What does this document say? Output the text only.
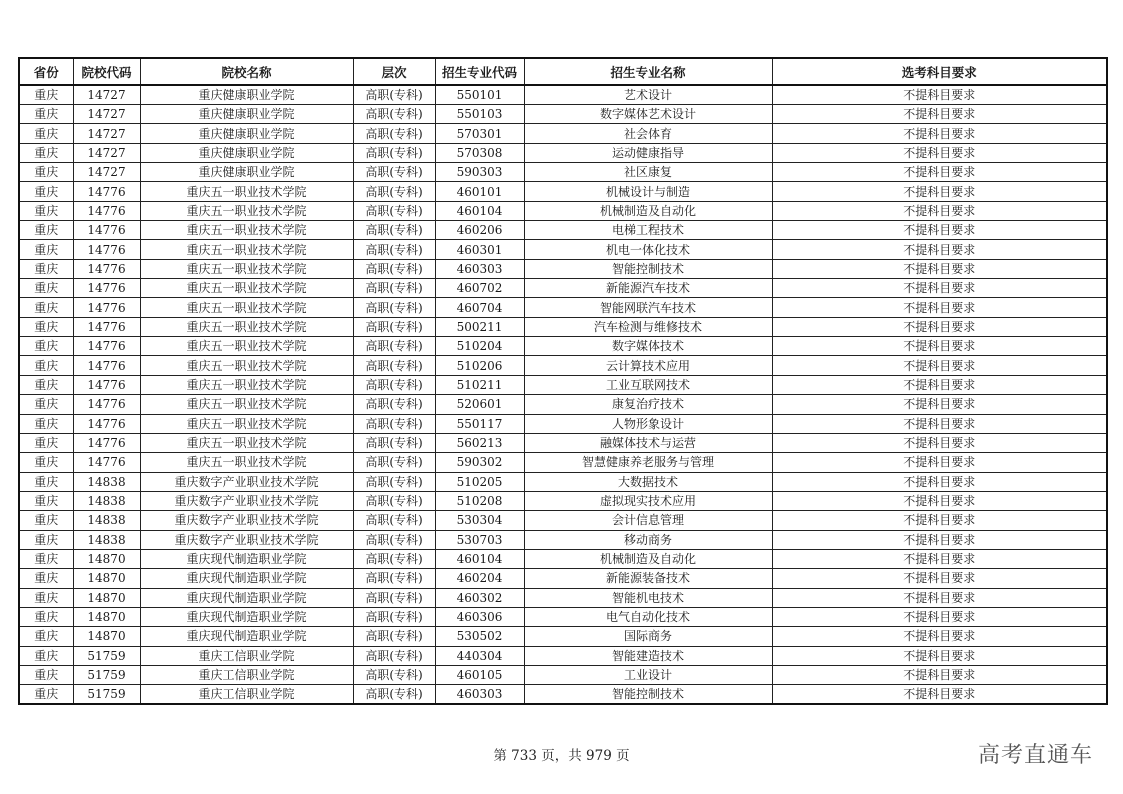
省份	院校代码	院校名称	层次	招生专业代码	招生专业名称	选考科目要求
重庆	14727	重庆健康职业学院	高职(专科)	550101	艺术设计	不提科目要求
重庆	14727	重庆健康职业学院	高职(专科)	550103	数字媒体艺术设计	不提科目要求
重庆	14727	重庆健康职业学院	高职(专科)	570301	社会体育	不提科目要求
重庆	14727	重庆健康职业学院	高职(专科)	570308	运动健康指导	不提科目要求
重庆	14727	重庆健康职业学院	高职(专科)	590303	社区康复	不提科目要求
重庆	14776	重庆五一职业技术学院	高职(专科)	460101	机械设计与制造	不提科目要求
重庆	14776	重庆五一职业技术学院	高职(专科)	460104	机械制造及自动化	不提科目要求
重庆	14776	重庆五一职业技术学院	高职(专科)	460206	电梯工程技术	不提科目要求
重庆	14776	重庆五一职业技术学院	高职(专科)	460301	机电一体化技术	不提科目要求
重庆	14776	重庆五一职业技术学院	高职(专科)	460303	智能控制技术	不提科目要求
重庆	14776	重庆五一职业技术学院	高职(专科)	460702	新能源汽车技术	不提科目要求
重庆	14776	重庆五一职业技术学院	高职(专科)	460704	智能网联汽车技术	不提科目要求
重庆	14776	重庆五一职业技术学院	高职(专科)	500211	汽车检测与维修技术	不提科目要求
重庆	14776	重庆五一职业技术学院	高职(专科)	510204	数字媒体技术	不提科目要求
重庆	14776	重庆五一职业技术学院	高职(专科)	510206	云计算技术应用	不提科目要求
重庆	14776	重庆五一职业技术学院	高职(专科)	510211	工业互联网技术	不提科目要求
重庆	14776	重庆五一职业技术学院	高职(专科)	520601	康复治疗技术	不提科目要求
重庆	14776	重庆五一职业技术学院	高职(专科)	550117	人物形象设计	不提科目要求
重庆	14776	重庆五一职业技术学院	高职(专科)	560213	融媒体技术与运营	不提科目要求
重庆	14776	重庆五一职业技术学院	高职(专科)	590302	智慧健康养老服务与管理	不提科目要求
重庆	14838	重庆数字产业职业技术学院	高职(专科)	510205	大数据技术	不提科目要求
重庆	14838	重庆数字产业职业技术学院	高职(专科)	510208	虚拟现实技术应用	不提科目要求
重庆	14838	重庆数字产业职业技术学院	高职(专科)	530304	会计信息管理	不提科目要求
重庆	14838	重庆数字产业职业技术学院	高职(专科)	530703	移动商务	不提科目要求
重庆	14870	重庆现代制造职业学院	高职(专科)	460104	机械制造及自动化	不提科目要求
重庆	14870	重庆现代制造职业学院	高职(专科)	460204	新能源装备技术	不提科目要求
重庆	14870	重庆现代制造职业学院	高职(专科)	460302	智能机电技术	不提科目要求
重庆	14870	重庆现代制造职业学院	高职(专科)	460306	电气自动化技术	不提科目要求
重庆	14870	重庆现代制造职业学院	高职(专科)	530502	国际商务	不提科目要求
重庆	51759	重庆工信职业学院	高职(专科)	440304	智能建造技术	不提科目要求
重庆	51759	重庆工信职业学院	高职(专科)	460105	工业设计	不提科目要求
重庆	51759	重庆工信职业学院	高职(专科)	460303	智能控制技术	不提科目要求
第 733 页，共 979 页	高考直通车
